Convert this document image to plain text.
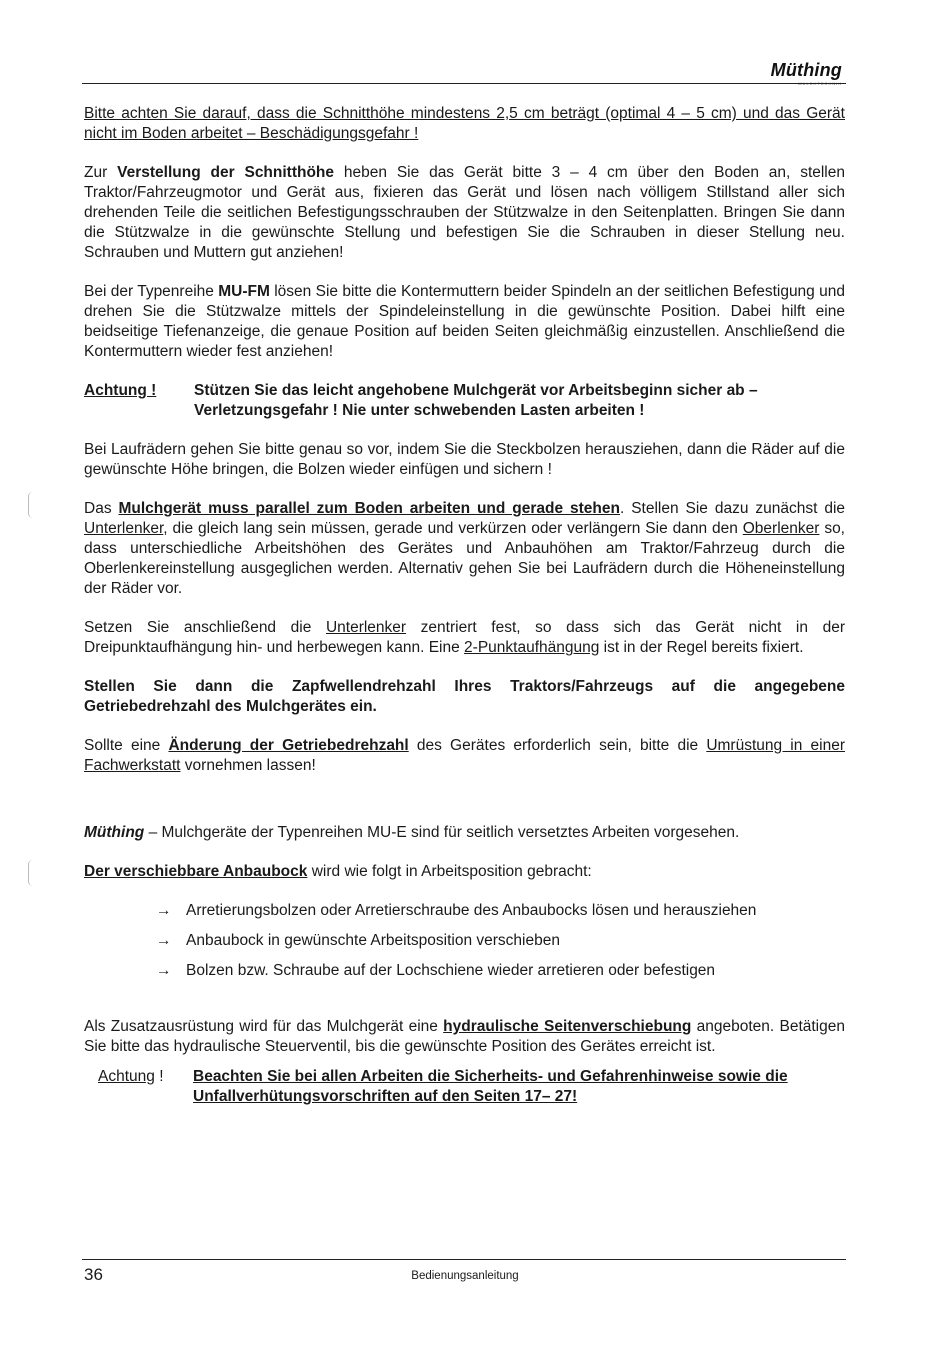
Müthing
MULCHTECHNIK

Bitte achten Sie darauf, dass die Schnitthöhe mindestens 2,5 cm beträgt (optimal 4 – 5 cm) und das Gerät nicht im Boden arbeitet – Beschädigungsgefahr !

Zur Verstellung der Schnitthöhe heben Sie das Gerät bitte 3 – 4 cm über den Boden an, stellen Traktor/Fahrzeugmotor und Gerät aus, fixieren das Gerät und lösen nach völligem Stillstand aller sich drehenden Teile die seitlichen Befestigungsschrauben der Stützwalze in den Seitenplatten. Bringen Sie dann die Stützwalze in die gewünschte Stellung und befestigen Sie die Schrauben in dieser Stellung neu. Schrauben und Muttern gut anziehen!

Bei der Typenreihe MU-FM lösen Sie bitte die Kontermuttern beider Spindeln an der seitlichen Befestigung und drehen Sie die Stützwalze mittels der Spindeleinstellung in die gewünschte Position. Dabei hilft eine beidseitige Tiefenanzeige, die genaue Position auf beiden Seiten gleichmäßig einzustellen. Anschließend die Kontermuttern wieder fest anziehen!

Achtung !	Stützen Sie das leicht angehobene Mulchgerät vor Arbeitsbeginn sicher ab – Verletzungsgefahr ! Nie unter schwebenden Lasten arbeiten !

Bei Laufrädern gehen Sie bitte genau so vor, indem Sie die Steckbolzen herausziehen, dann die Räder auf die gewünschte Höhe bringen, die Bolzen wieder einfügen und sichern !

Das Mulchgerät muss parallel zum Boden arbeiten und gerade stehen. Stellen Sie dazu zunächst die Unterlenker, die gleich lang sein müssen, gerade und verkürzen oder verlängern Sie dann den Oberlenker so, dass unterschiedliche Arbeitshöhen des Gerätes und Anbauhöhen am Traktor/Fahrzeug durch die Oberlenkereinstellung ausgeglichen werden. Alternativ gehen Sie bei Laufrädern durch die Höheneinstellung der Räder vor.

Setzen Sie anschließend die Unterlenker zentriert fest, so dass sich das Gerät nicht in der Dreipunktaufhängung hin- und herbewegen kann. Eine 2-Punktaufhängung ist in der Regel bereits fixiert.

Stellen Sie dann die Zapfwellendrehzahl Ihres Traktors/Fahrzeugs auf die angegebene Getriebedrehzahl des Mulchgerätes ein.

Sollte eine Änderung der Getriebedrehzahl des Gerätes erforderlich sein, bitte die Umrüstung in einer Fachwerkstatt vornehmen lassen!

Müthing – Mulchgeräte der Typenreihen MU-E sind für seitlich versetztes Arbeiten vorgesehen.

Der verschiebbare Anbaubock wird wie folgt in Arbeitsposition gebracht:

→ Arretierungsbolzen oder Arretierschraube des Anbaubocks lösen und herausziehen
→ Anbaubock in gewünschte Arbeitsposition verschieben
→ Bolzen bzw. Schraube auf der Lochschiene wieder arretieren oder befestigen

Als Zusatzausrüstung wird für das Mulchgerät eine hydraulische Seitenverschiebung angeboten. Betätigen Sie bitte das hydraulische Steuerventil, bis die gewünschte Position des Gerätes erreicht ist.

Achtung !	Beachten Sie bei allen Arbeiten die Sicherheits- und Gefahrenhinweise sowie die Unfallverhütungsvorschriften auf den Seiten 17– 27!
36	Bedienungsanleitung
